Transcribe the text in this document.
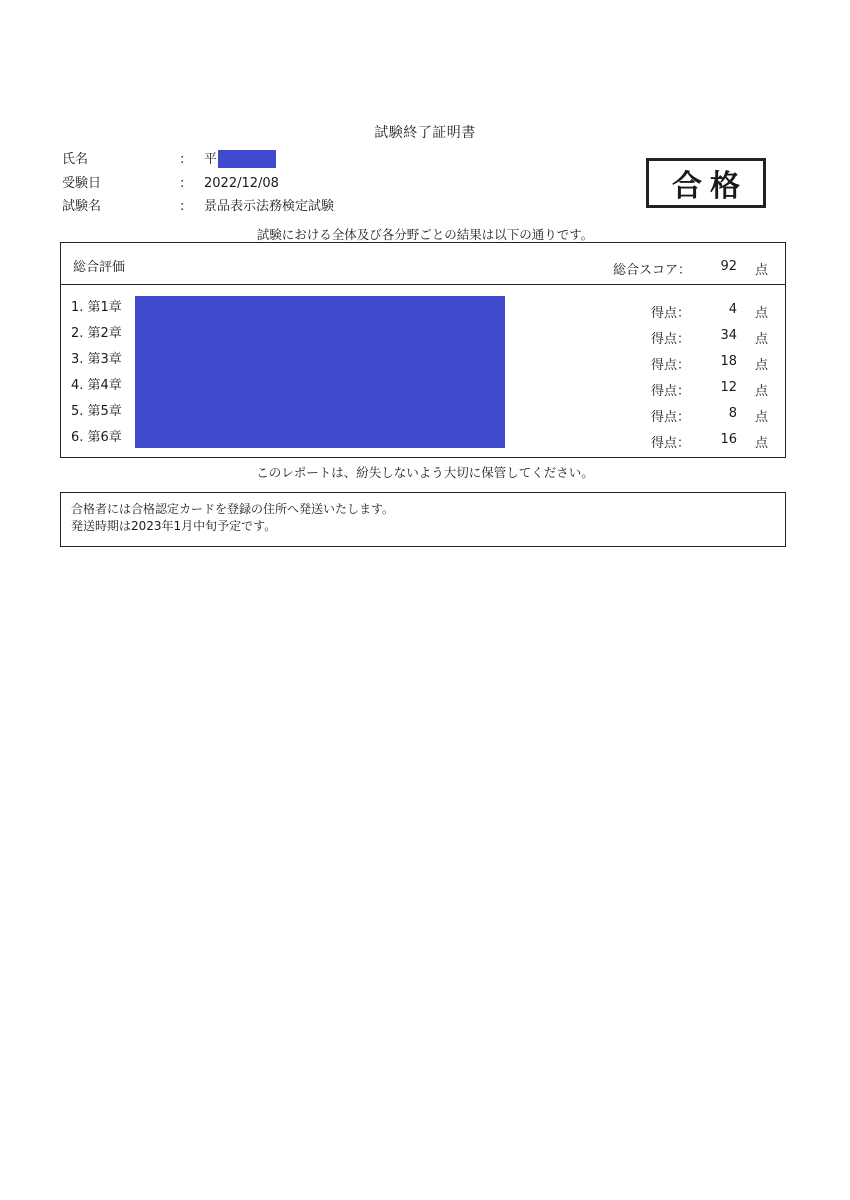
試験終了証明書
氏名	: 平
受験日	: 2022/12/08
試験名	: 景品表示法務検定試験
合格
試験における全体及び各分野ごとの結果は以下の通りです。
総合評価	総合スコア： 92 点
1. 第1章	得点：	4 点
2. 第2章	得点： 34 点
3. 第3章	得点： 18 点
4. 第4章	得点： 12 点
5. 第5章	得点：	8 点
6. 第6章	得点： 16 点
このレポートは、紛失しないよう大切に保管してください。
合格者には合格認定カードを登録の住所へ発送いたします。
発送時期は2023年1月中旬予定です。
